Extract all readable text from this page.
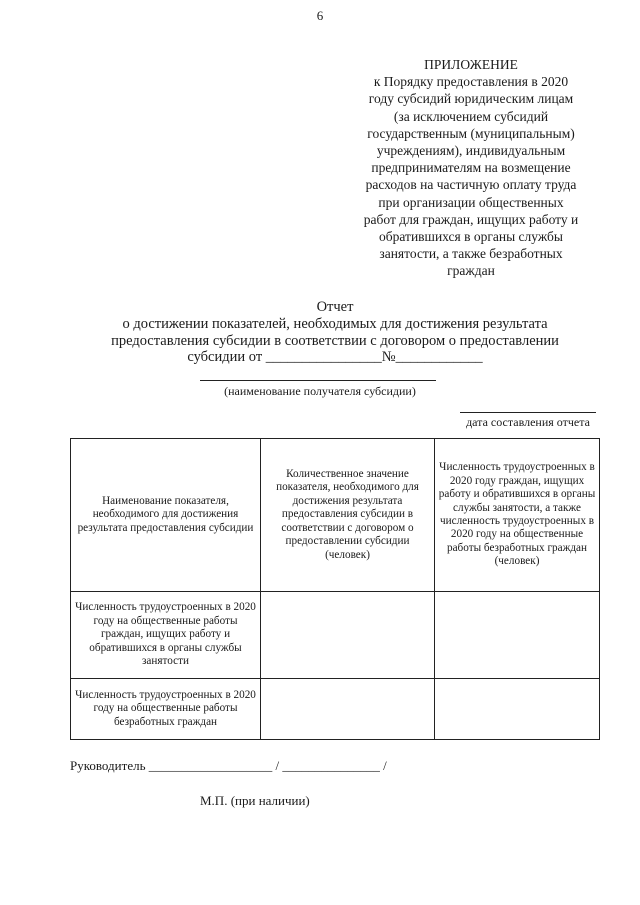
6
ПРИЛОЖЕНИЕ
к Порядку предоставления в 2020
году субсидий юридическим лицам
(за исключением субсидий
государственным (муниципальным)
учреждениям), индивидуальным
предпринимателям на возмещение
расходов на частичную оплату труда
при организации общественных
работ для граждан, ищущих работу и
обратившихся в органы службы
занятости, а также безработных
граждан
Отчет
о достижении показателей, необходимых для достижения результата
предоставления субсидии в соответствии с договором о предоставлении
субсидии от ________________№____________
(наименование получателя субсидии)
дата составления отчета
Наименование показателя, необходимого для достижения результата предоставления субсидии	Количественное значение показателя, необходимого для достижения результата предоставления субсидии в соответствии с договором о предоставлении субсидии (человек)	Численность трудоустроенных в 2020 году граждан, ищущих работу и обратившихся в органы службы занятости, а также численность трудоустроенных в 2020 году на общественные работы безработных граждан (человек)
Численность трудоустроенных в 2020 году на общественные работы граждан, ищущих работу и обратившихся в органы службы занятости		
Численность трудоустроенных в 2020 году на общественные работы безработных граждан		
Руководитель ___________________ / _______________ /
М.П. (при наличии)
